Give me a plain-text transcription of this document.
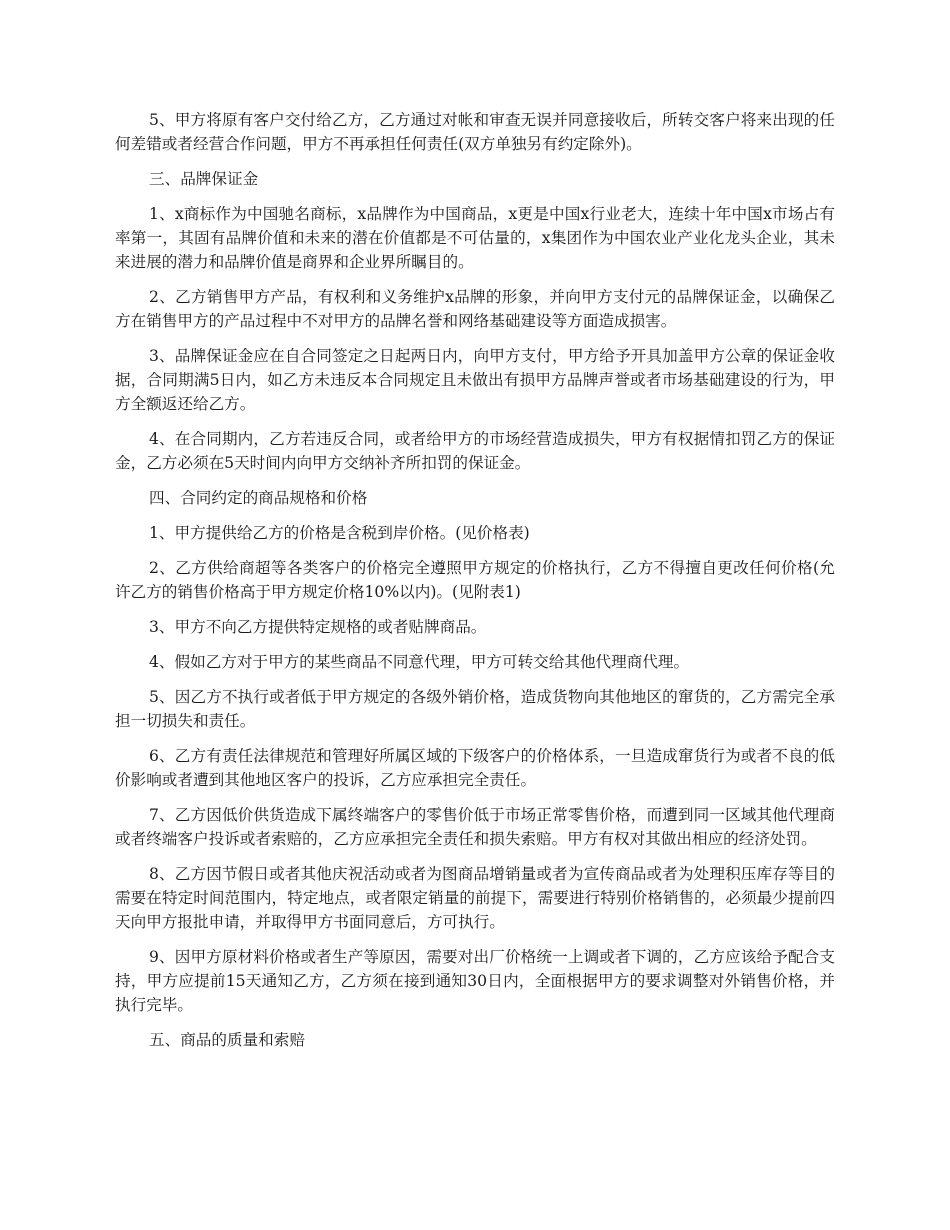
5、甲方将原有客户交付给乙方，乙方通过对帐和审查无误并同意接收后，所转交客户将来出现的任何差错或者经营合作问题，甲方不再承担任何责任(双方单独另有约定除外)。

三、品牌保证金

1、x商标作为中国驰名商标，x品牌作为中国商品，x更是中国x行业老大，连续十年中国x市场占有率第一，其固有品牌价值和未来的潜在价值都是不可估量的，x集团作为中国农业产业化龙头企业，其未来进展的潜力和品牌价值是商界和企业界所瞩目的。

2、乙方销售甲方产品，有权利和义务维护x品牌的形象，并向甲方支付元的品牌保证金，以确保乙方在销售甲方的产品过程中不对甲方的品牌名誉和网络基础建设等方面造成损害。

3、品牌保证金应在自合同签定之日起两日内，向甲方支付，甲方给予开具加盖甲方公章的保证金收据，合同期满5日内，如乙方未违反本合同规定且未做出有损甲方品牌声誉或者市场基础建设的行为，甲方全额返还给乙方。

4、在合同期内，乙方若违反合同，或者给甲方的市场经营造成损失，甲方有权据情扣罚乙方的保证金，乙方必须在5天时间内向甲方交纳补齐所扣罚的保证金。

四、合同约定的商品规格和价格

1、甲方提供给乙方的价格是含税到岸价格。(见价格表)

2、乙方供给商超等各类客户的价格完全遵照甲方规定的价格执行，乙方不得擅自更改任何价格(允许乙方的销售价格高于甲方规定价格10%以内)。(见附表1)

3、甲方不向乙方提供特定规格的或者贴牌商品。

4、假如乙方对于甲方的某些商品不同意代理，甲方可转交给其他代理商代理。

5、因乙方不执行或者低于甲方规定的各级外销价格，造成货物向其他地区的窜货的，乙方需完全承担一切损失和责任。

6、乙方有责任法律规范和管理好所属区域的下级客户的价格体系，一旦造成窜货行为或者不良的低价影响或者遭到其他地区客户的投诉，乙方应承担完全责任。

7、乙方因低价供货造成下属终端客户的零售价低于市场正常零售价格，而遭到同一区域其他代理商或者终端客户投诉或者索赔的，乙方应承担完全责任和损失索赔。甲方有权对其做出相应的经济处罚。

8、乙方因节假日或者其他庆祝活动或者为图商品增销量或者为宣传商品或者为处理积压库存等目的需要在特定时间范围内，特定地点，或者限定销量的前提下，需要进行特别价格销售的，必须最少提前四天向甲方报批申请，并取得甲方书面同意后，方可执行。

9、因甲方原材料价格或者生产等原因，需要对出厂价格统一上调或者下调的，乙方应该给予配合支持，甲方应提前15天通知乙方，乙方须在接到通知30日内，全面根据甲方的要求调整对外销售价格，并执行完毕。

五、商品的质量和索赔
